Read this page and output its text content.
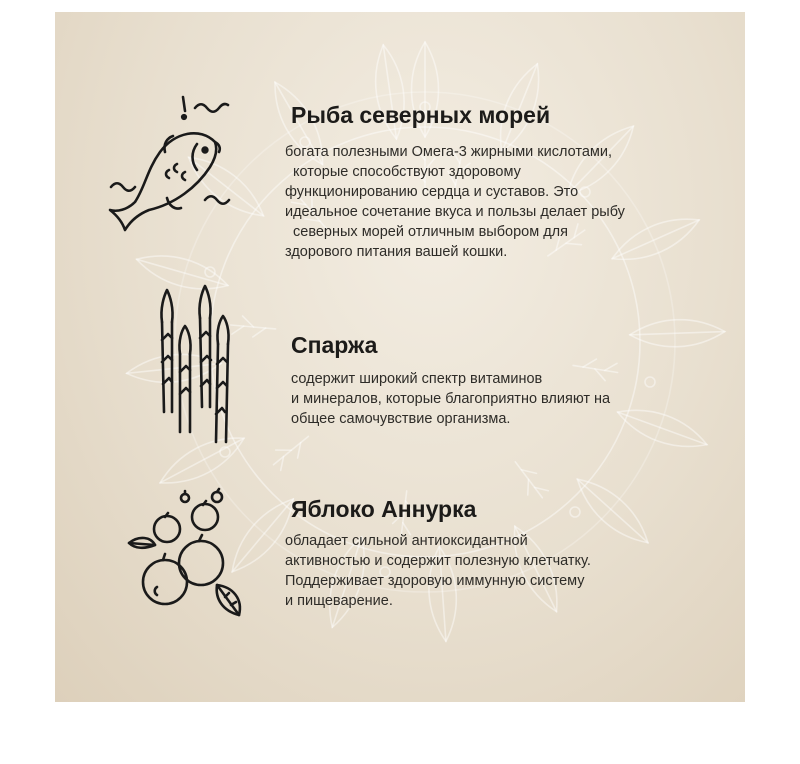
Рыба северных морей
богата полезными Омега-3 жирными кислотами,
которые способствуют здоровому
функционированию сердца и суставов. Это
идеальное сочетание вкуса и пользы делает рыбу
северных морей отличным выбором для
здорового питания вашей кошки.
Спаржа
содержит широкий спектр витаминов
и минералов, которые благоприятно влияют на
общее самочувствие организма.
Яблоко Аннурка
обладает сильной антиоксидантной
активностью и содержит полезную клетчатку.
Поддерживает здоровую иммунную систему
и пищеварение.
